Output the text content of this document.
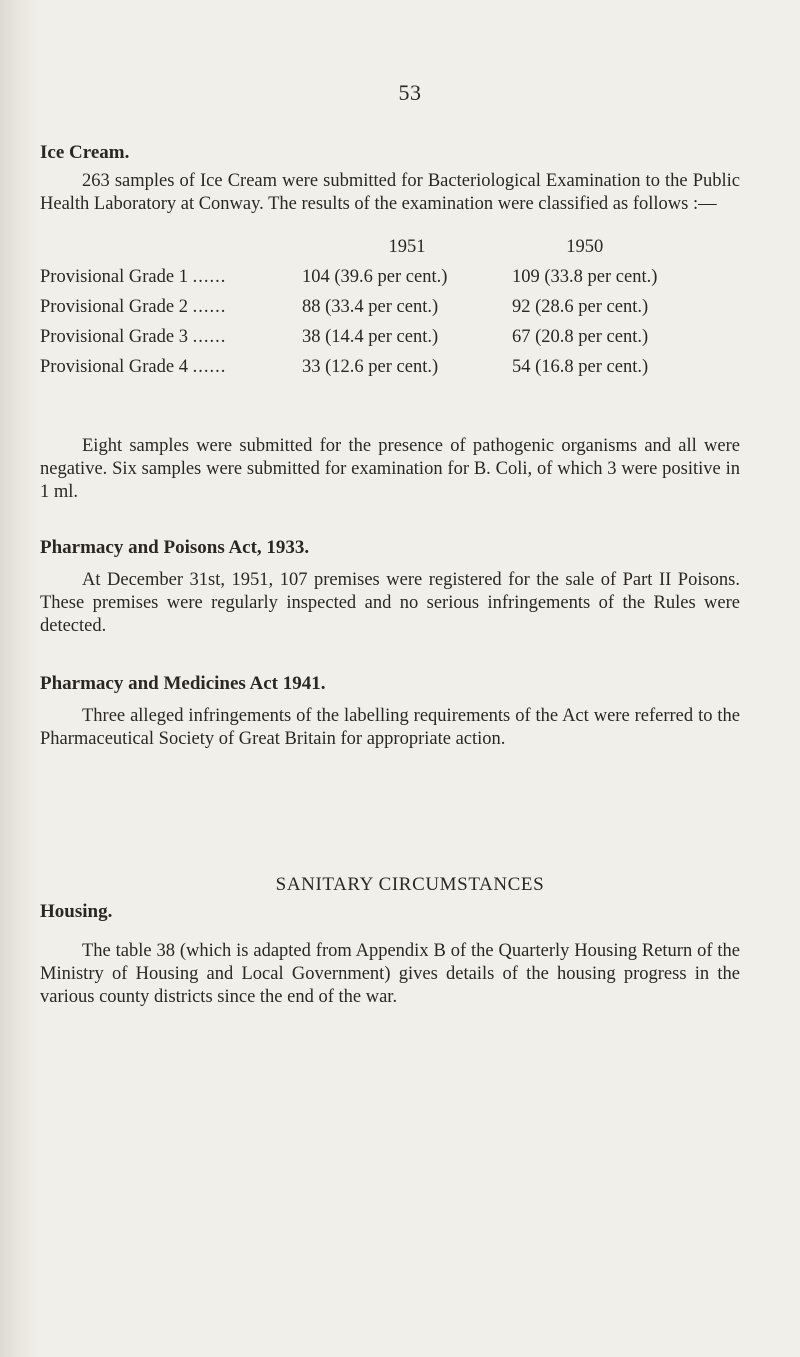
53
Ice Cream.
263 samples of Ice Cream were submitted for Bacteriological Examination to the Public Health Laboratory at Conway. The results of the examination were classified as follows :—
	1951	1950
Provisional Grade 1 ......	104 (39.6 per cent.)	109 (33.8 per cent.)
Provisional Grade 2 ......	88 (33.4 per cent.)	92 (28.6 per cent.)
Provisional Grade 3 ......	38 (14.4 per cent.)	67 (20.8 per cent.)
Provisional Grade 4 ......	33 (12.6 per cent.)	54 (16.8 per cent.)
Eight samples were submitted for the presence of pathogenic organisms and all were negative. Six samples were submitted for examination for B. Coli, of which 3 were positive in 1 ml.
Pharmacy and Poisons Act, 1933.
At December 31st, 1951, 107 premises were registered for the sale of Part II Poisons. These premises were regularly inspected and no serious infringements of the Rules were detected.
Pharmacy and Medicines Act 1941.
Three alleged infringements of the labelling requirements of the Act were referred to the Pharmaceutical Society of Great Britain for appropriate action.
SANITARY CIRCUMSTANCES
Housing.
The table 38 (which is adapted from Appendix B of the Quarterly Housing Return of the Ministry of Housing and Local Government) gives details of the housing progress in the various county districts since the end of the war.
